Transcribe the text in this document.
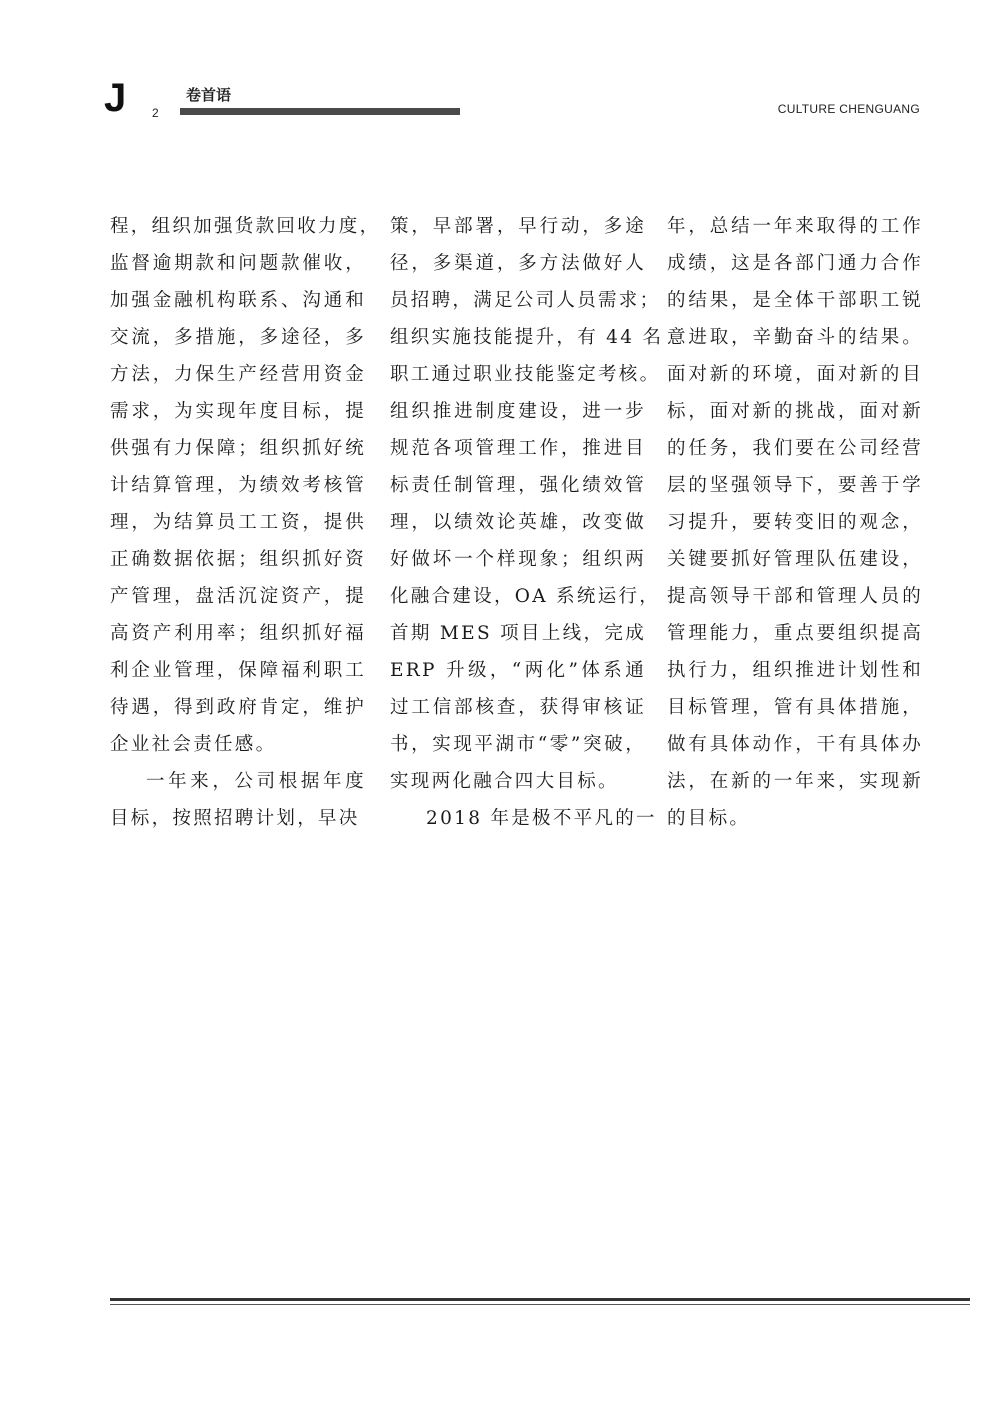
J 2
卷首语
CULTURE CHENGUANG
程，组织加强货款回收力度，
监督逾期款和问题款催收，
加强金融机构联系、沟通和
交流，多措施，多途径，多
方法，力保生产经营用资金
需求，为实现年度目标，提
供强有力保障；组织抓好统
计结算管理，为绩效考核管
理，为结算员工工资，提供
正确数据依据；组织抓好资
产管理，盘活沉淀资产，提
高资产利用率；组织抓好福
利企业管理，保障福利职工
待遇，得到政府肯定，维护
企业社会责任感。
一年来，公司根据年度
目标，按照招聘计划，早决
策，早部署，早行动，多途
径，多渠道，多方法做好人
员招聘，满足公司人员需求；
组织实施技能提升，有 44 名
职工通过职业技能鉴定考核。
组织推进制度建设，进一步
规范各项管理工作，推进目
标责任制管理，强化绩效管
理，以绩效论英雄，改变做
好做坏一个样现象；组织两
化融合建设，OA 系统运行，
首期 MES 项目上线，完成
ERP 升级，“两化”体系通
过工信部核查，获得审核证
书，实现平湖市“零”突破，
实现两化融合四大目标。
2018 年是极不平凡的一
年，总结一年来取得的工作
成绩，这是各部门通力合作
的结果，是全体干部职工锐
意进取，辛勤奋斗的结果。
面对新的环境，面对新的目
标，面对新的挑战，面对新
的任务，我们要在公司经营
层的坚强领导下，要善于学
习提升，要转变旧的观念，
关键要抓好管理队伍建设，
提高领导干部和管理人员的
管理能力，重点要组织提高
执行力，组织推进计划性和
目标管理，管有具体措施，
做有具体动作，干有具体办
法，在新的一年来，实现新
的目标。
